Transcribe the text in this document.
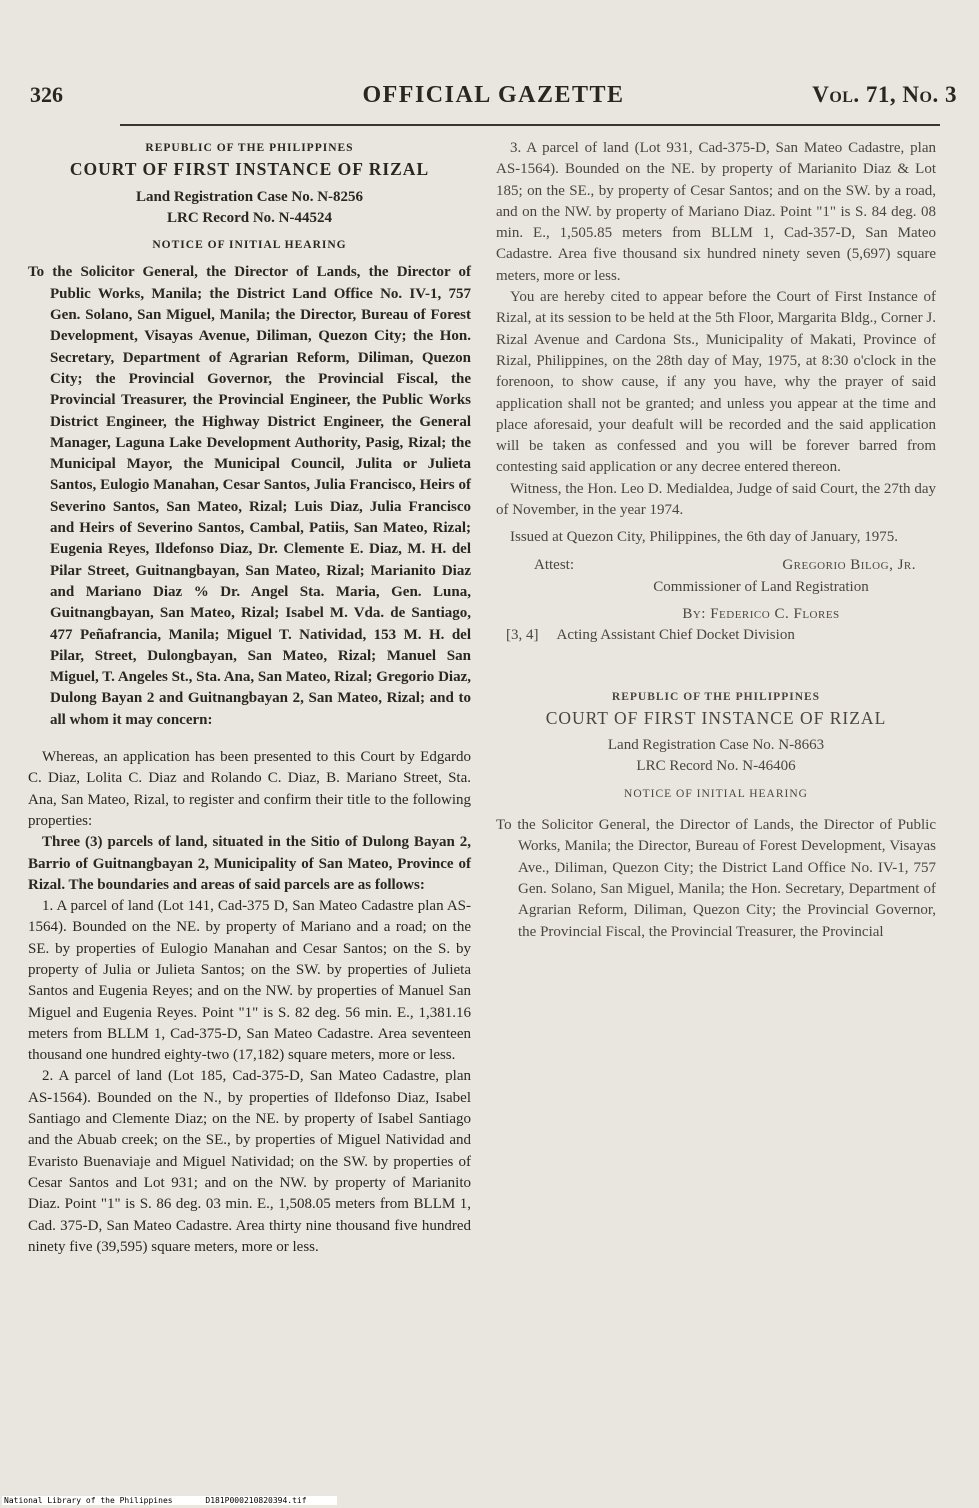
OFFICIAL GAZETTE
326	Vol. 71, No. 3
REPUBLIC OF THE PHILIPPINES
COURT OF FIRST INSTANCE OF RIZAL
Land Registration Case No. N-8256
LRC Record No. N-44524
NOTICE OF INITIAL HEARING

To the Solicitor General, the Director of Lands, the Director of Public Works, Manila; the District Land Office No. IV-1, 757 Gen. Solano, San Miguel, Manila; the Director, Bureau of Forest Development, Visayas Avenue, Diliman, Quezon City; the Hon. Secretary, Department of Agrarian Reform, Diliman, Quezon City; the Provincial Governor, the Provincial Fiscal, the Provincial Treasurer, the Provincial Engineer, the Public Works District Engineer, the Highway District Engineer, the General Manager, Laguna Lake Development Authority, Pasig, Rizal; the Municipal Mayor, the Municipal Council, Julita or Julieta Santos, Eulogio Manahan, Cesar Santos, Julia Francisco, Heirs of Severino Santos, San Mateo, Rizal; Luis Diaz, Julia Francisco and Heirs of Severino Santos, Cambal, Patiis, San Mateo, Rizal; Eugenia Reyes, Ildefonso Diaz, Dr. Clemente E. Diaz, M. H. del Pilar Street, Guitnangbayan, San Mateo, Rizal; Marianito Diaz and Mariano Diaz % Dr. Angel Sta. Maria, Gen. Luna, Guitnangbayan, San Mateo, Rizal; Isabel M. Vda. de Santiago, 477 Peñafrancia, Manila; Miguel T. Natividad, 153 M. H. del Pilar, Street, Dulongbayan, San Mateo, Rizal; Manuel San Miguel, T. Angeles St., Sta. Ana, San Mateo, Rizal; Gregorio Diaz, Dulong Bayan 2 and Guitnangbayan 2, San Mateo, Rizal; and to all whom it may concern:

Whereas, an application has been presented to this Court by Edgardo C. Diaz, Lolita C. Diaz and Rolando C. Diaz, B. Mariano Street, Sta. Ana, San Mateo, Rizal, to register and confirm their title to the following properties:

Three (3) parcels of land, situated in the Sitio of Dulong Bayan 2, Barrio of Guitnangbayan 2, Municipality of San Mateo, Province of Rizal. The boundaries and areas of said parcels are as follows:

1. A parcel of land (Lot 141, Cad-375 D, San Mateo Cadastre plan AS-1564). Bounded on the NE. by property of Mariano and a road; on the SE. by properties of Eulogio Manahan and Cesar Santos; on the S. by property of Julia or Julieta Santos; on the SW. by properties of Julieta Santos and Eugenia Reyes; and on the NW. by properties of Manuel San Miguel and Eugenia Reyes. Point "1" is S. 82 deg. 56 min. E., 1,381.16 meters from BLLM 1, Cad-375-D, San Mateo Cadastre. Area seventeen thousand one hundred eighty-two (17,182) square meters, more or less.

2. A parcel of land (Lot 185, Cad-375-D, San Mateo Cadastre, plan AS-1564). Bounded on the N., by properties of Ildefonso Diaz, Isabel Santiago and Clemente Diaz; on the NE. by property of Isabel Santiago and the Abuab creek; on the SE., by properties of Miguel Natividad and Evaristo Buenaviaje and Miguel Natividad; on the SW. by properties of Cesar Santos and Lot 931; and on the NW. by property of Marianito Diaz. Point "1" is S. 86 deg. 03 min. E., 1,508.05 meters from BLLM 1, Cad. 375-D, San Mateo Cadastre. Area thirty nine thousand five hundred ninety five (39,595) square meters, more or less.

3. A parcel of land (Lot 931, Cad-375-D, San Mateo Cadastre, plan AS-1564). Bounded on the NE. by property of Marianito Diaz & Lot 185; on the SE., by property of Cesar Santos; and on the SW. by a road, and on the NW. by property of Mariano Diaz. Point "1" is S. 84 deg. 08 min. E., 1,505.85 meters from BLLM 1, Cad-357-D, San Mateo Cadastre. Area five thousand six hundred ninety seven (5,697) square meters, more or less.

You are hereby cited to appear before the Court of First Instance of Rizal, at its session to be held at the 5th Floor, Margarita Bldg., Corner J. Rizal Avenue and Cardona Sts., Municipality of Makati, Province of Rizal, Philippines, on the 28th day of May, 1975, at 8:30 o'clock in the forenoon, to show cause, if any you have, why the prayer of said application shall not be granted; and unless you appear at the time and place aforesaid, your deafult will be recorded and the said application will be taken as confessed and you will be forever barred from contesting said application or any decree entered thereon.

Witness, the Hon. Leo D. Medialdea, Judge of said Court, the 27th day of November, in the year 1974.

Issued at Quezon City, Philippines, the 6th day of January, 1975.

Attest:	Gregorio Bilog, Jr.
Commissioner of Land Registration
By: Federico C. Flores
[3, 4] Acting Assistant Chief Docket Division
REPUBLIC OF THE PHILIPPINES
COURT OF FIRST INSTANCE OF RIZAL
Land Registration Case No. N-8663
LRC Record No. N-46406
NOTICE OF INITIAL HEARING

To the Solicitor General, the Director of Lands, the Director of Public Works, Manila; the Director, Bureau of Forest Development, Visayas Ave., Diliman, Quezon City; the District Land Office No. IV-1, 757 Gen. Solano, San Miguel, Manila; the Hon. Secretary, Department of Agrarian Reform, Diliman, Quezon City; the Provincial Governor, the Provincial Fiscal, the Provincial Treasurer, the Provincial

National Library of the Philippines	D181P000210820394.tif
